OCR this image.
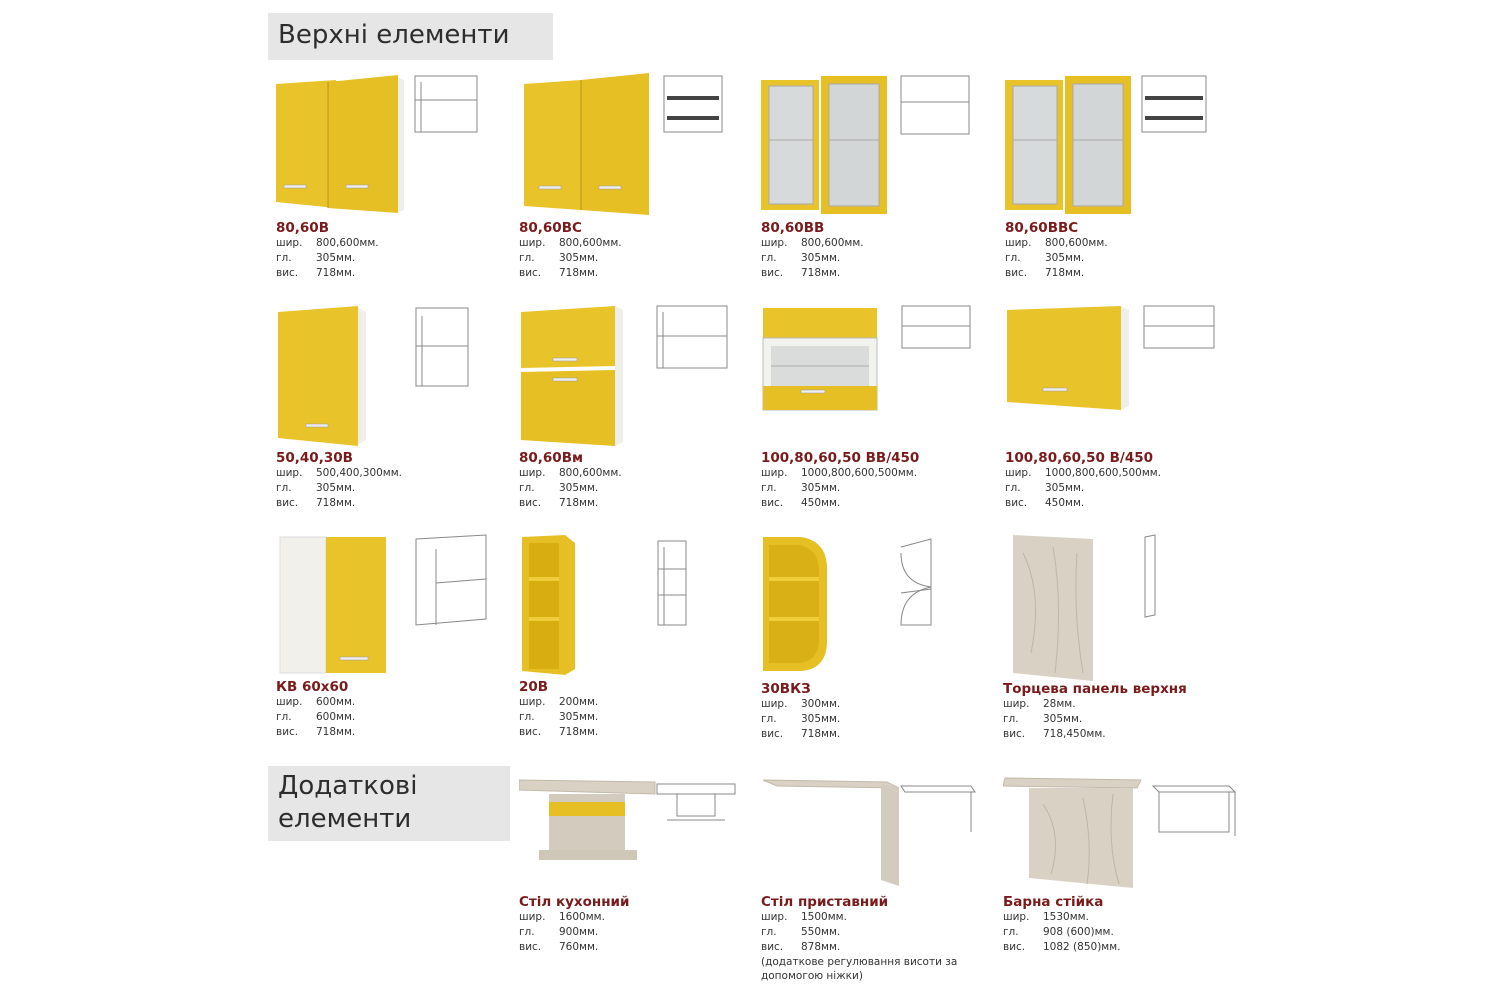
Верхні елементи
Додаткові
елементи
80,60В
шир. 800,600мм.
гл. 305мм.
вис. 718мм.
80,60ВС
шир. 800,600мм.
гл. 305мм.
вис. 718мм.
80,60ВВ
шир. 800,600мм.
гл. 305мм.
вис. 718мм.
80,60ВВС
шир. 800,600мм.
гл. 305мм.
вис. 718мм.
50,40,30В
шир. 500,400,300мм.
гл. 305мм.
вис. 718мм.
80,60Вм
шир. 800,600мм.
гл. 305мм.
вис. 718мм.
100,80,60,50 ВВ/450
шир. 1000,800,600,500мм.
гл. 305мм.
вис. 450мм.
100,80,60,50 В/450
шир. 1000,800,600,500мм.
гл. 305мм.
вис. 450мм.
КВ 60х60
шир. 600мм.
гл. 600мм.
вис. 718мм.
20В
шир. 200мм.
гл. 305мм.
вис. 718мм.
30ВКЗ
шир. 300мм.
гл. 305мм.
вис. 718мм.
Торцева панель верхня
шир. 28мм.
гл. 305мм.
вис. 718,450мм.
Стіл кухонний
шир. 1600мм.
гл. 900мм.
вис. 760мм.
Стіл приставний
шир. 1500мм.
гл. 550мм.
вис. 878мм.
(додаткове регулювання висоти за допомогою ніжки)
Барна стійка
шир. 1530мм.
гл. 908 (600)мм.
вис. 1082 (850)мм.
